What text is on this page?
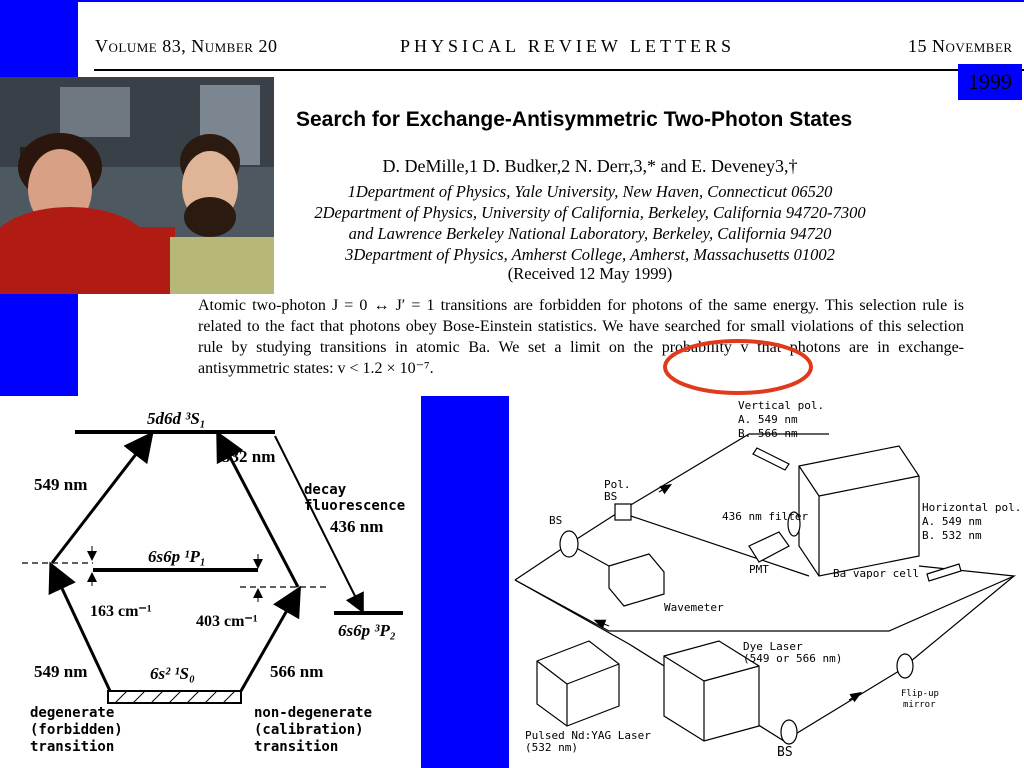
Volume 83, Number 20	PHYSICAL REVIEW LETTERS	15 November
1999
Search for Exchange-Antisymmetric Two-Photon States
D. DeMille,1 D. Budker,2 N. Derr,3,* and E. Deveney3,†
1Department of Physics, Yale University, New Haven, Connecticut 06520
2Department of Physics, University of California, Berkeley, California 94720-7300
and Lawrence Berkeley National Laboratory, Berkeley, California 94720
3Department of Physics, Amherst College, Amherst, Massachusetts 01002
(Received 12 May 1999)
Atomic two-photon J = 0 ↔ J′ = 1 transitions are forbidden for photons of the same energy. This selection rule is related to the fact that photons obey Bose-Einstein statistics. We have searched for small violations of this selection rule by studying transitions in atomic Ba. We set a limit on the probability v that photons are in exchange-antisymmetric states: v < 1.2 × 10⁻⁷.
5d6d ³S₁
6s6p ¹P₁
6s6p ³P₂
6s² ¹S₀
549 nm
532 nm
decay
fluorescence
436 nm
163 cm⁻¹
403 cm⁻¹
549 nm	566 nm
degenerate
(forbidden)
transition
non-degenerate
(calibration)
transition
Vertical pol.
A. 549 nm
B. 566 nm
Horizontal pol.
A. 549 nm
B. 532 nm
Pol.
BS
BS	436 nm filter
PMT	Ba vapor cell
Wavemeter
Dye Laser
(549 or 566 nm)
Flip-up
mirror
Pulsed Nd:YAG Laser
(532 nm)	BS
